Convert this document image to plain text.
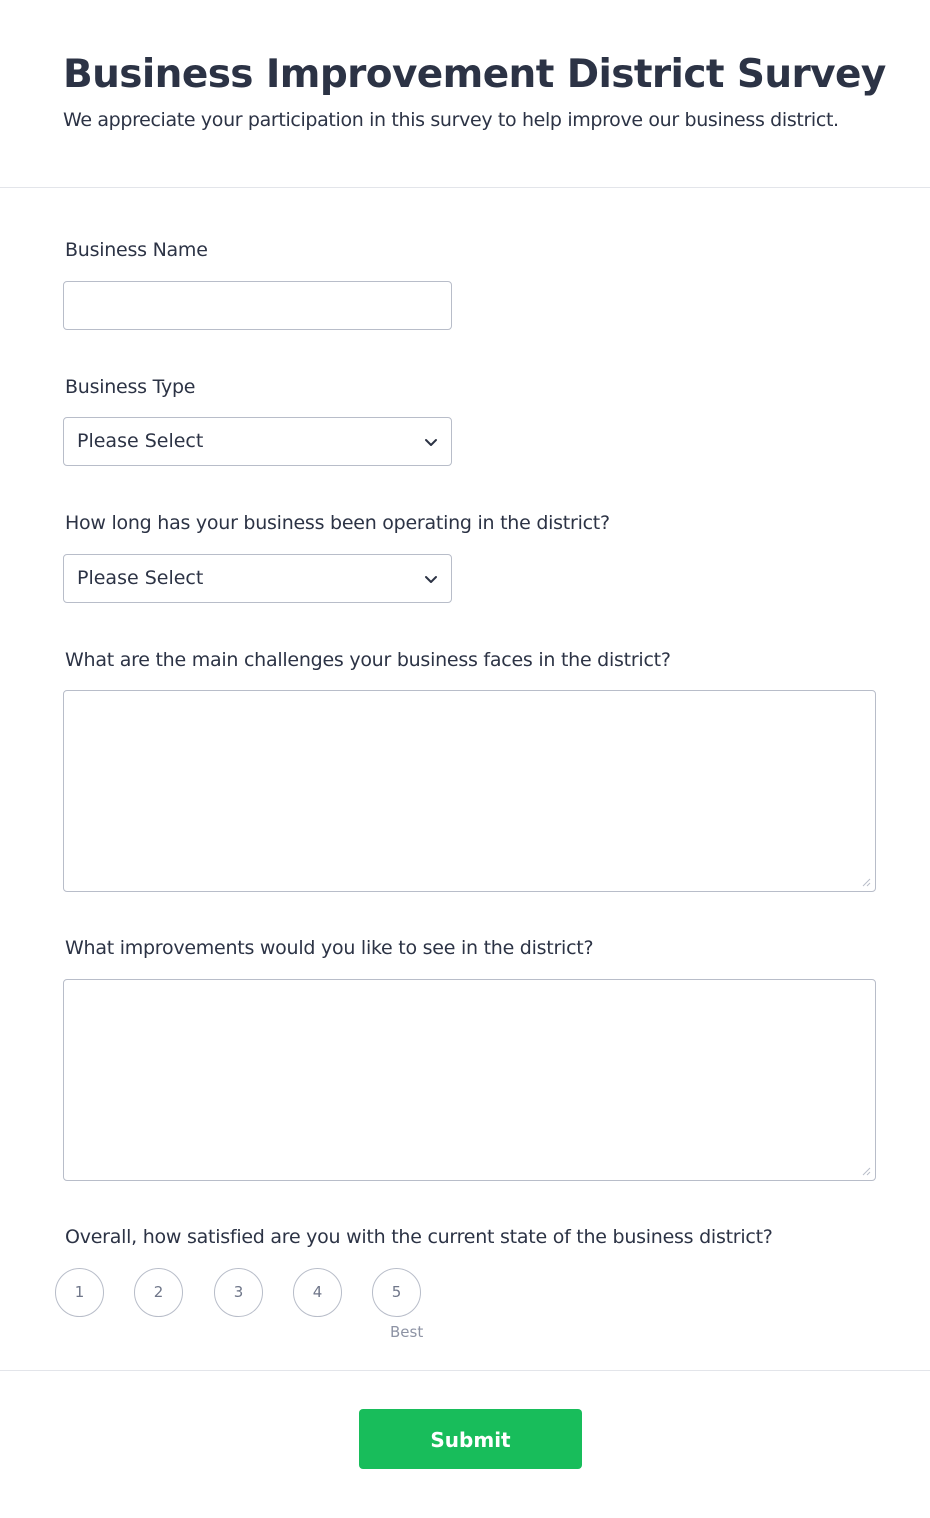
Business Improvement District Survey

We appreciate your participation in this survey to help improve our business district.

Business Name
Business Type
Please Select
How long has your business been operating in the district?
Please Select
What are the main challenges your business faces in the district?
What improvements would you like to see in the district?
Overall, how satisfied are you with the current state of the business district?
1	2	3	4	5
Best
Submit
